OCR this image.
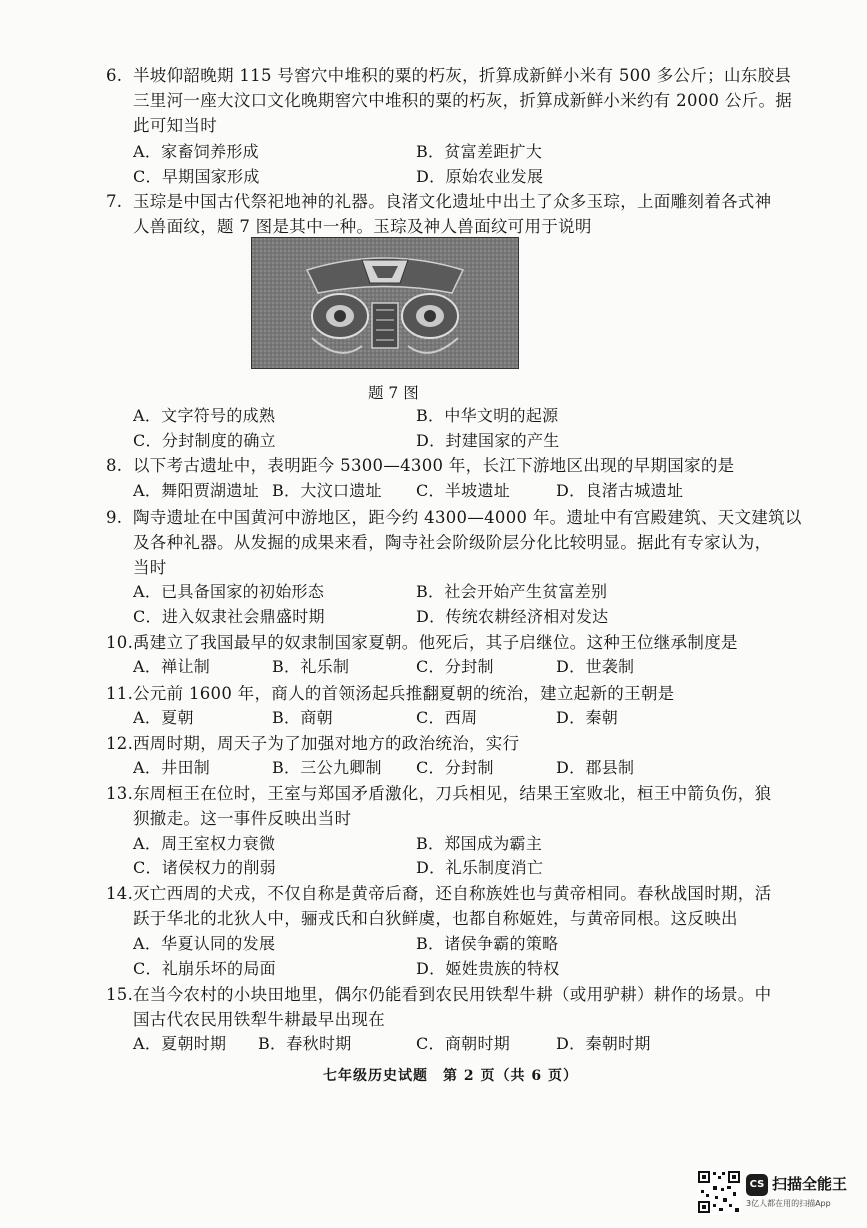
6. 半坡仰韶晚期 115 号窖穴中堆积的粟的朽灰，折算成新鲜小米有 500 多公斤；山东胶县
三里河一座大汶口文化晚期窖穴中堆积的粟的朽灰，折算成新鲜小米约有 2000 公斤。据
此可知当时
A．家畜饲养形成	B．贫富差距扩大
C．早期国家形成	D．原始农业发展
7. 玉琮是中国古代祭祀地神的礼器。良渚文化遗址中出土了众多玉琮，上面雕刻着各式神
人兽面纹，题 7 图是其中一种。玉琮及神人兽面纹可用于说明
题 7 图
A．文字符号的成熟	B．中华文明的起源
C．分封制度的确立	D．封建国家的产生
8. 以下考古遗址中，表明距今 5300—4300 年，长江下游地区出现的早期国家的是
A．舞阳贾湖遗址 B．大汶口遗址 C．半坡遗址	D．良渚古城遗址
9. 陶寺遗址在中国黄河中游地区，距今约 4300—4000 年。遗址中有宫殿建筑、天文建筑以
及各种礼器。从发掘的成果来看，陶寺社会阶级阶层分化比较明显。据此有专家认为，
当时
A．已具备国家的初始形态	B．社会开始产生贫富差别
C．进入奴隶社会鼎盛时期	D．传统农耕经济相对发达
10.禹建立了我国最早的奴隶制国家夏朝。他死后，其子启继位。这种王位继承制度是
A．禅让制	B．礼乐制	C．分封制	D．世袭制
11.公元前 1600 年，商人的首领汤起兵推翻夏朝的统治，建立起新的王朝是
A．夏朝	B．商朝	C．西周	D．秦朝
12.西周时期，周天子为了加强对地方的政治统治，实行
A．井田制	B．三公九卿制 C．分封制	D．郡县制
13.东周桓王在位时，王室与郑国矛盾激化，刀兵相见，结果王室败北，桓王中箭负伤，狼
狈撤走。这一事件反映出当时
A．周王室权力衰微	B．郑国成为霸主
C．诸侯权力的削弱	D．礼乐制度消亡
14.灭亡西周的犬戎，不仅自称是黄帝后裔，还自称族姓也与黄帝相同。春秋战国时期，活
跃于华北的北狄人中，骊戎氏和白狄鲜虞，也都自称姬姓，与黄帝同根。这反映出
A．华夏认同的发展	B．诸侯争霸的策略
C．礼崩乐坏的局面	D．姬姓贵族的特权
15.在当今农村的小块田地里，偶尔仍能看到农民用铁犁牛耕（或用驴耕）耕作的场景。中
国古代农民用铁犁牛耕最早出现在
A．夏朝时期 B．春秋时期	C．商朝时期	D．秦朝时期
七年级历史试题　第 2 页（共 6 页）
CS 扫描全能王
3亿人都在用的扫描App
